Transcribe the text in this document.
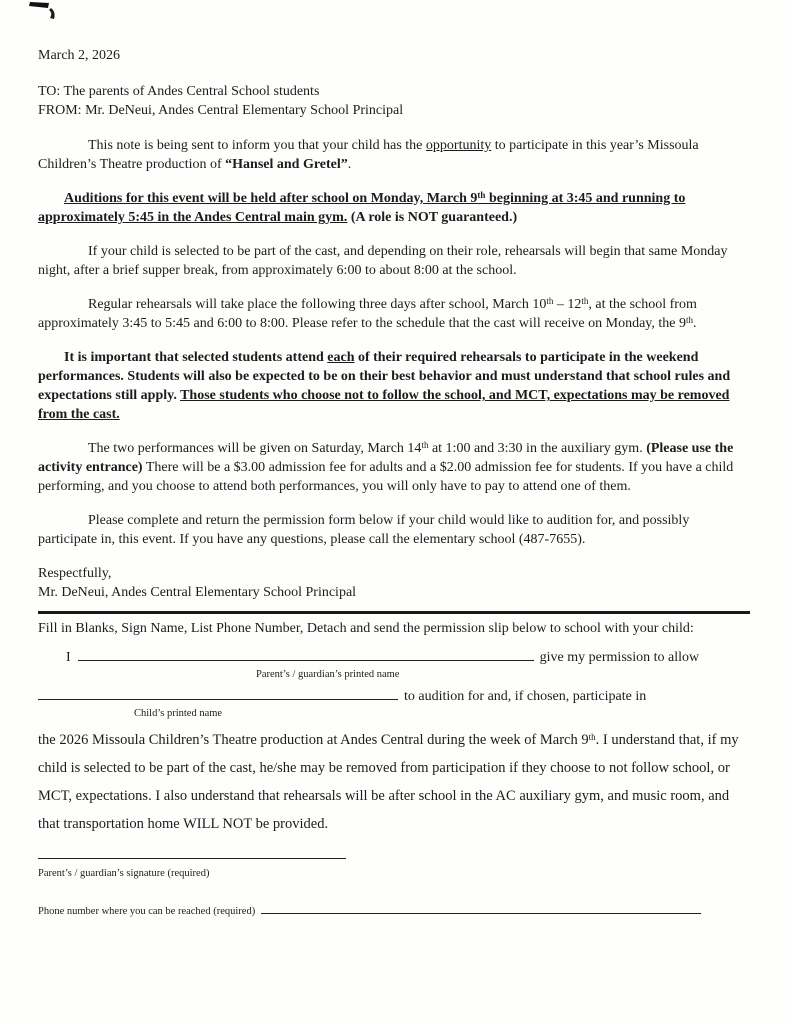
March 2, 2026

TO: The parents of Andes Central School students

FROM: Mr. DeNeui, Andes Central Elementary School Principal

This note is being sent to inform you that your child has the opportunity to participate in this year’s Missoula Children’s Theatre production of “Hansel and Gretel”.

Auditions for this event will be held after school on Monday, March 9th beginning at 3:45 and running to approximately 5:45 in the Andes Central main gym. (A role is NOT guaranteed.)

If your child is selected to be part of the cast, and depending on their role, rehearsals will begin that same Monday night, after a brief supper break, from approximately 6:00 to about 8:00 at the school.

Regular rehearsals will take place the following three days after school, March 10th – 12th, at the school from approximately 3:45 to 5:45 and 6:00 to 8:00. Please refer to the schedule that the cast will receive on Monday, the 9th.

It is important that selected students attend each of their required rehearsals to participate in the weekend performances. Students will also be expected to be on their best behavior and must understand that school rules and expectations still apply. Those students who choose not to follow the school, and MCT, expectations may be removed from the cast.

The two performances will be given on Saturday, March 14th at 1:00 and 3:30 in the auxiliary gym. (Please use the activity entrance) There will be a $3.00 admission fee for adults and a $2.00 admission fee for students. If you have a child performing, and you choose to attend both performances, you will only have to pay to attend one of them.

Please complete and return the permission form below if your child would like to audition for, and possibly participate in, this event. If you have any questions, please call the elementary school (487-7655).

Respectfully,

Mr. DeNeui, Andes Central Elementary School Principal

Fill in Blanks, Sign Name, List Phone Number, Detach and send the permission slip below to school with your child:

I	give my permission to allow
Parent’s / guardian’s printed name
to audition for and, if chosen, participate in
Child’s printed name

the 2026 Missoula Children’s Theatre production at Andes Central during the week of March 9th. I understand that, if my child is selected to be part of the cast, he/she may be removed from participation if they choose to not follow school, or MCT, expectations. I also understand that rehearsals will be after school in the AC auxiliary gym, and music room, and that transportation home WILL NOT be provided.

Parent’s / guardian’s signature (required)
Phone number where you can be reached (required)
